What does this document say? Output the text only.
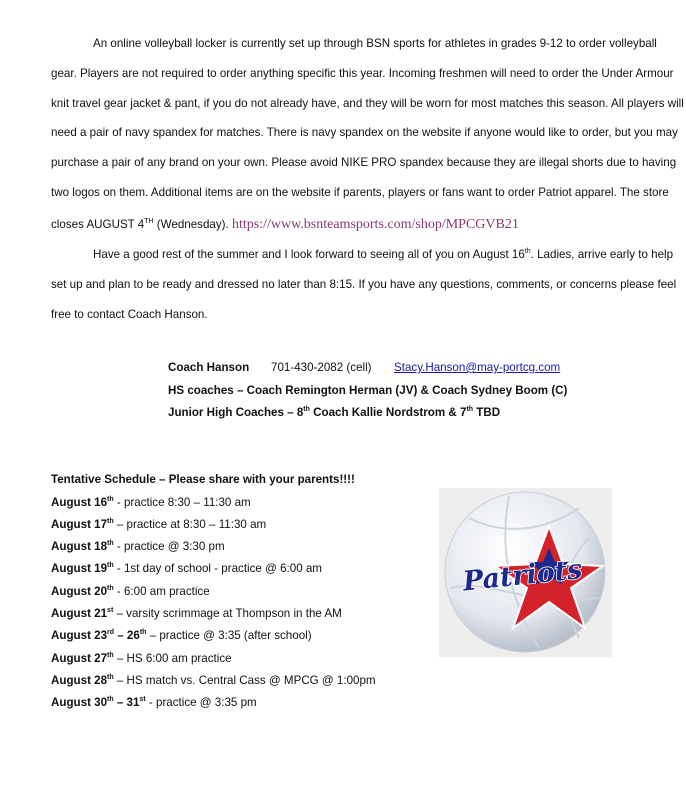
An online volleyball locker is currently set up through BSN sports for athletes in grades 9-12 to order volleyball
gear. Players are not required to order anything specific this year. Incoming freshmen will need to order the Under Armour
knit travel gear jacket & pant, if you do not already have, and they will be worn for most matches this season. All players will
need a pair of navy spandex for matches. There is navy spandex on the website if anyone would like to order, but you may
purchase a pair of any brand on your own. Please avoid NIKE PRO spandex because they are illegal shorts due to having
two logos on them. Additional items are on the website if parents, players or fans want to order Patriot apparel. The store
closes AUGUST 4TH (Wednesday). https://www.bsnteamsports.com/shop/MPCGVB21
Have a good rest of the summer and I look forward to seeing all of you on August 16th. Ladies, arrive early to help
set up and plan to be ready and dressed no later than 8:15. If you have any questions, comments, or concerns please feel
free to contact Coach Hanson.
Coach Hanson 701-430-2082 (cell) Stacy.Hanson@may-portcg.com
HS coaches – Coach Remington Herman (JV) & Coach Sydney Boom (C)
Junior High Coaches – 8th Coach Kallie Nordstrom & 7th TBD
Tentative Schedule – Please share with your parents!!!!
August 16th - practice 8:30 – 11:30 am
August 17th – practice at 8:30 – 11:30 am
August 18th - practice @ 3:30 pm
August 19th - 1st day of school - practice @ 6:00 am
August 20th - 6:00 am practice
August 21st – varsity scrimmage at Thompson in the AM
August 23rd – 26th – practice @ 3:35 (after school)
August 27th – HS 6:00 am practice
August 28th – HS match vs. Central Cass @ MPCG @ 1:00pm
August 30th – 31st - practice @ 3:35 pm
Patriots
